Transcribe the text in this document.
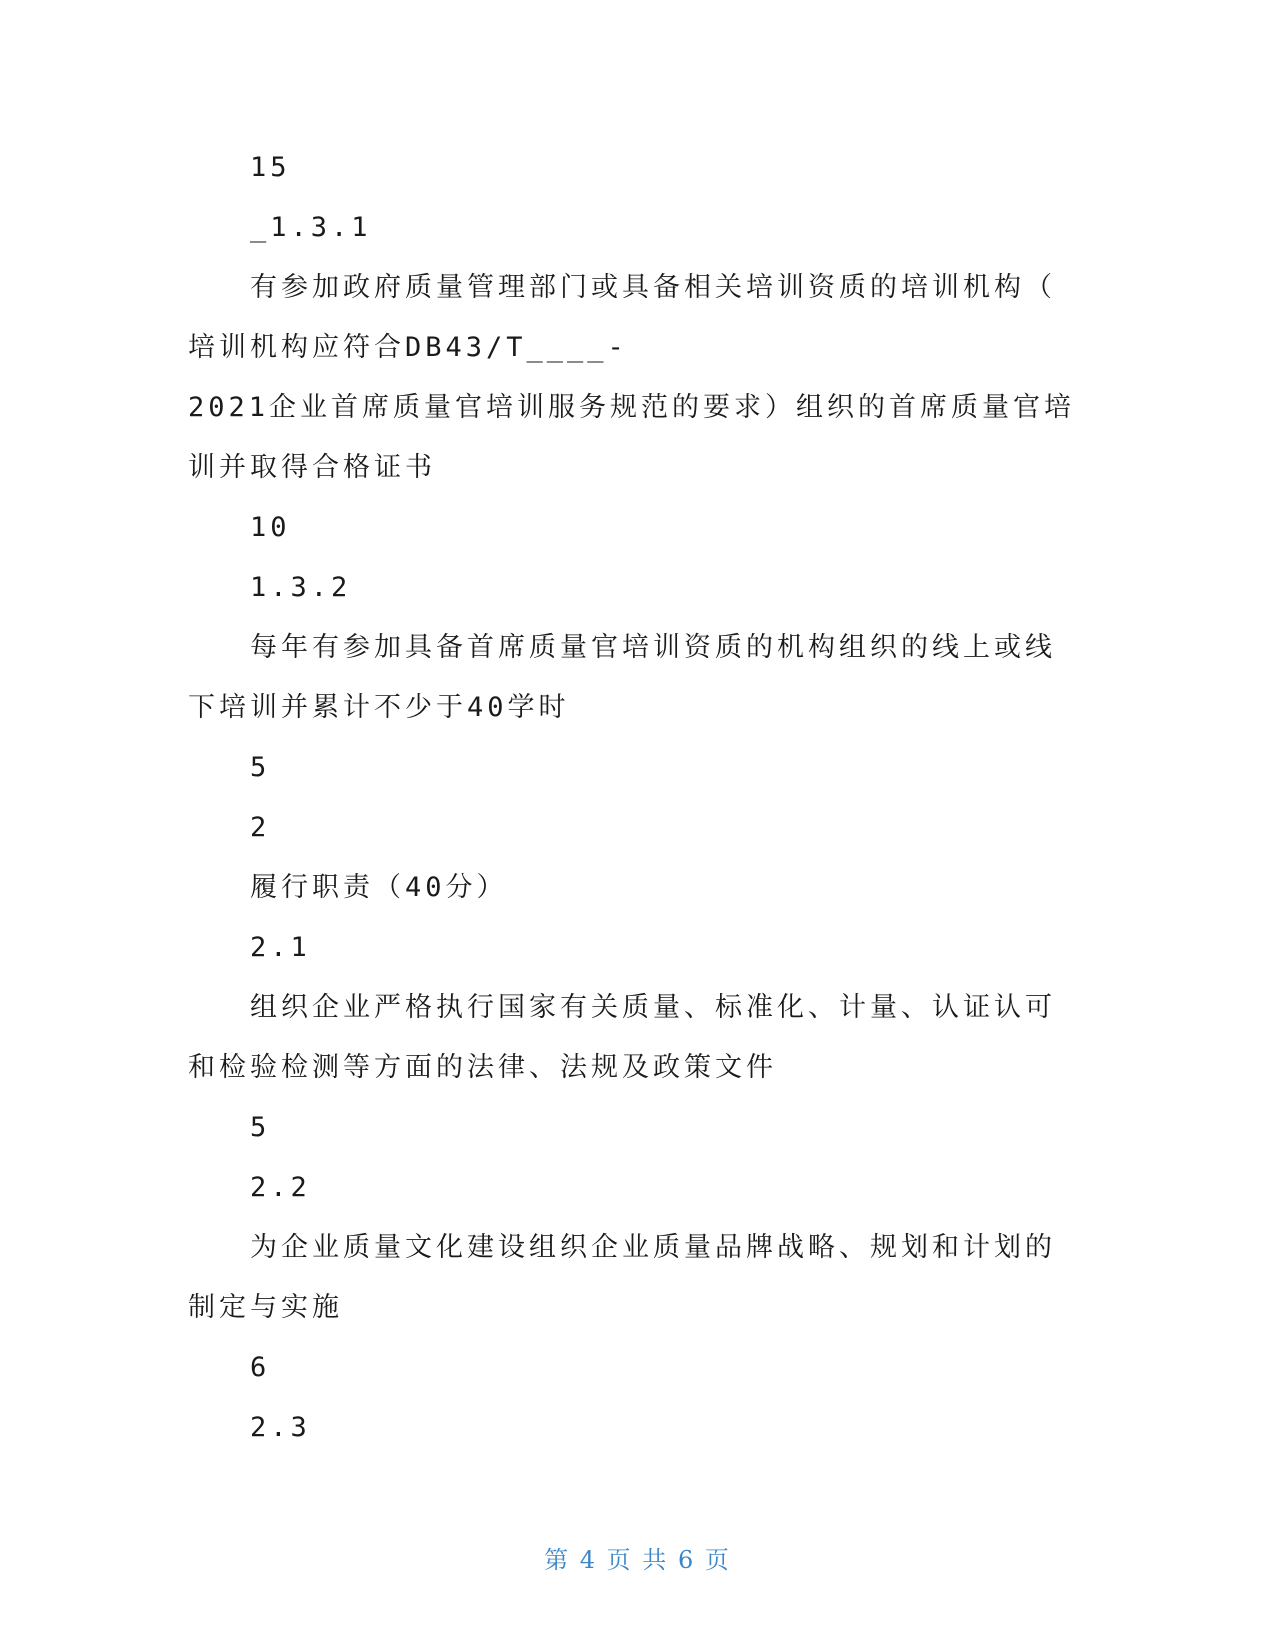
15
_1.3.1
有参加政府质量管理部门或具备相关培训资质的培训机构（
培训机构应符合DB43/T____-
2021企业首席质量官培训服务规范的要求）组织的首席质量官培
训并取得合格证书
10
1.3.2
每年有参加具备首席质量官培训资质的机构组织的线上或线
下培训并累计不少于40学时
5
2
履行职责（40分）
2.1
组织企业严格执行国家有关质量、标准化、计量、认证认可
和检验检测等方面的法律、法规及政策文件
5
2.2
为企业质量文化建设组织企业质量品牌战略、规划和计划的
制定与实施
6
2.3
第 4 页 共 6 页
